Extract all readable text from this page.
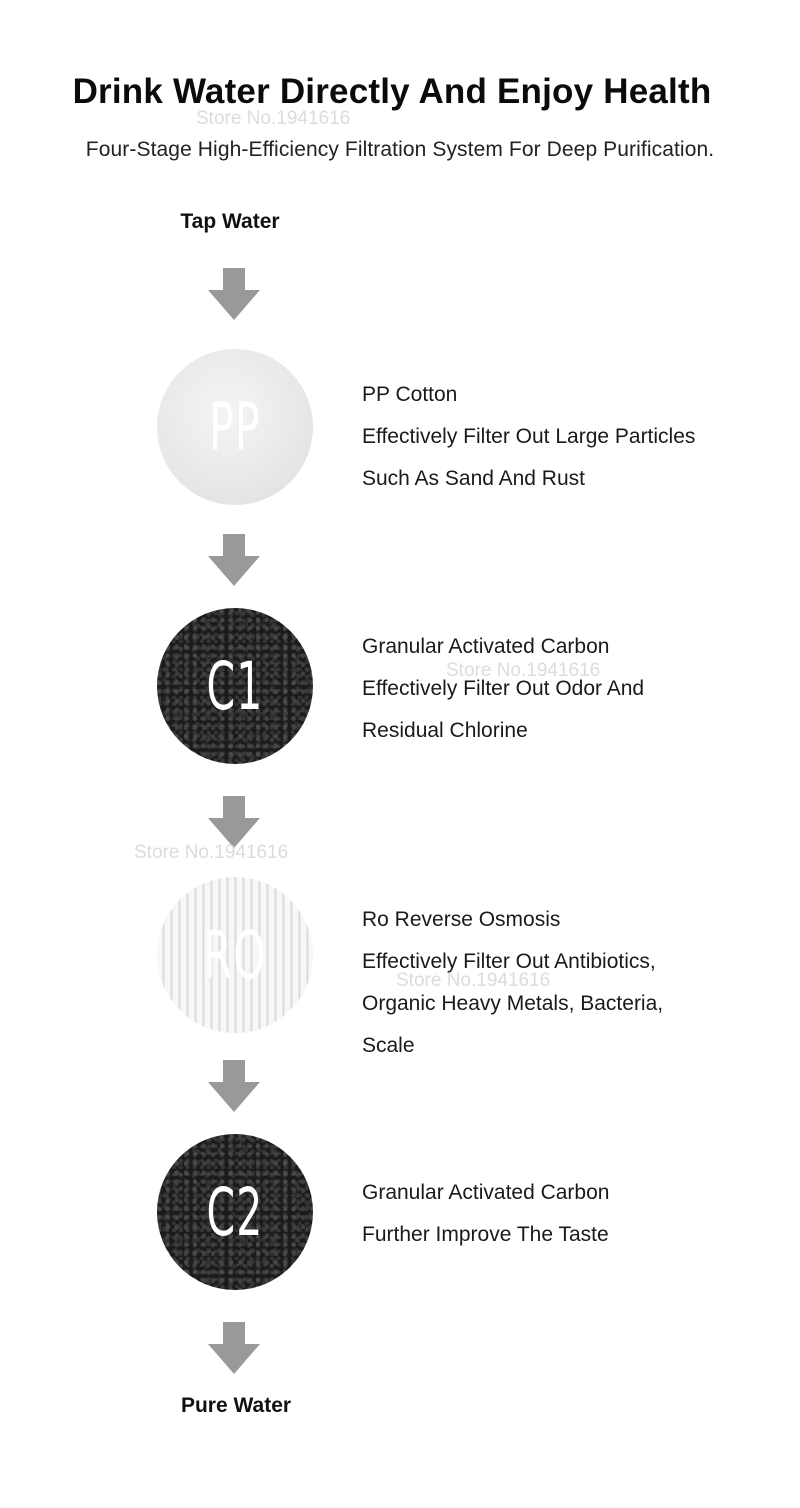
Drink Water Directly And Enjoy Health
Store No.1941616
Four-Stage High-Efficiency Filtration System For Deep Purification.
Tap Water
PP	PP Cotton
Effectively Filter Out Large Particles
Such As Sand And Rust
C1
Granular Activated Carbon
Effectively Filter Out Odor And
Residual Chlorine
Store No.1941616
Store No.1941616
RO	Ro Reverse Osmosis
Effectively Filter Out Antibiotics,
Organic Heavy Metals, Bacteria,
Scale
Store No.1941616
C2	Granular Activated Carbon
Further Improve The Taste
Pure Water
